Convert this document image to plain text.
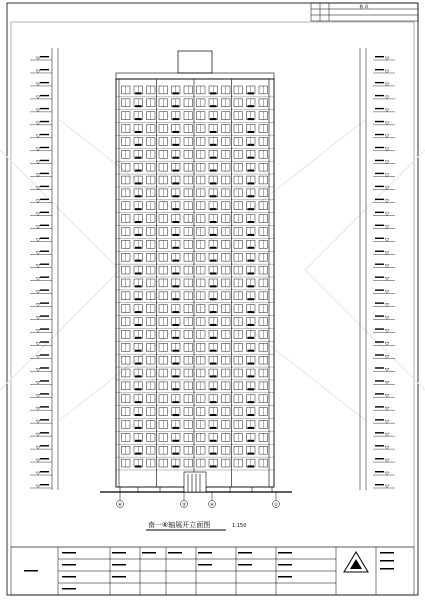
修 改
⑥	②	④	①
南一⑥轴展开立面图	1:150
